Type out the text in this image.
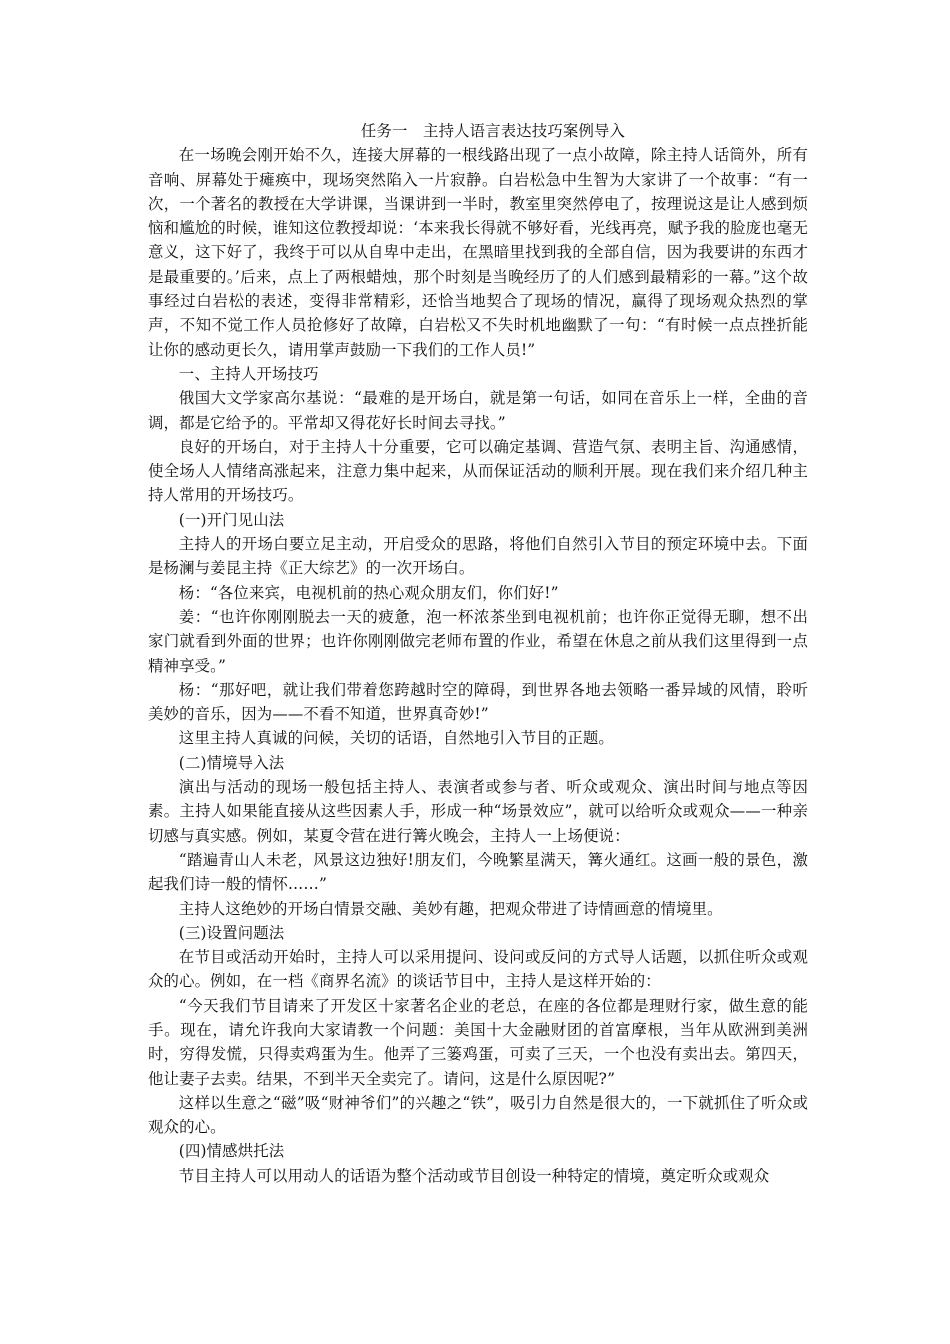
任务一　主持人语言表达技巧案例导入

在一场晚会刚开始不久，连接大屏幕的一根线路出现了一点小故障，除主持人话筒外，所有音响、屏幕处于瘫痪中，现场突然陷入一片寂静。白岩松急中生智为大家讲了一个故事：“有一次，一个著名的教授在大学讲课，当课讲到一半时，教室里突然停电了，按理说这是让人感到烦恼和尴尬的时候，谁知这位教授却说：‘本来我长得就不够好看，光线再亮，赋予我的脸庞也毫无意义，这下好了，我终于可以从自卑中走出，在黑暗里找到我的全部自信，因为我要讲的东西才是最重要的。’后来，点上了两根蜡烛，那个时刻是当晚经历了的人们感到最精彩的一幕。”这个故事经过白岩松的表述，变得非常精彩，还恰当地契合了现场的情况，赢得了现场观众热烈的掌声，不知不觉工作人员抢修好了故障，白岩松又不失时机地幽默了一句：“有时候一点点挫折能让你的感动更长久，请用掌声鼓励一下我们的工作人员!”

一、主持人开场技巧

俄国大文学家高尔基说：“最难的是开场白，就是第一句话，如同在音乐上一样，全曲的音调，都是它给予的。平常却又得花好长时间去寻找。”

良好的开场白，对于主持人十分重要，它可以确定基调、营造气氛、表明主旨、沟通感情，使全场人人情绪高涨起来，注意力集中起来，从而保证活动的顺利开展。现在我们来介绍几种主持人常用的开场技巧。

(一)开门见山法

主持人的开场白要立足主动，开启受众的思路，将他们自然引入节目的预定环境中去。下面是杨澜与姜昆主持《正大综艺》的一次开场白。

杨：“各位来宾，电视机前的热心观众朋友们，你们好!”

姜：“也许你刚刚脱去一天的疲惫，泡一杯浓茶坐到电视机前；也许你正觉得无聊，想不出家门就看到外面的世界；也许你刚刚做完老师布置的作业，希望在休息之前从我们这里得到一点精神享受。”

杨：“那好吧，就让我们带着您跨越时空的障碍，到世界各地去领略一番异域的风情，聆听美妙的音乐，因为——不看不知道，世界真奇妙!”

这里主持人真诚的问候，关切的话语，自然地引入节目的正题。

(二)情境导入法

演出与活动的现场一般包括主持人、表演者或参与者、听众或观众、演出时间与地点等因素。主持人如果能直接从这些因素人手，形成一种“场景效应”，就可以给听众或观众——一种亲切感与真实感。例如，某夏令营在进行篝火晚会，主持人一上场便说：

“踏遍青山人未老，风景这边独好!朋友们，今晚繁星满天，篝火通红。这画一般的景色，激起我们诗一般的情怀……”

主持人这绝妙的开场白情景交融、美妙有趣，把观众带进了诗情画意的情境里。

(三)设置问题法

在节目或活动开始时，主持人可以采用提问、设问或反问的方式导人话题，以抓住听众或观众的心。例如，在一档《商界名流》的谈话节目中，主持人是这样开始的：

“今天我们节目请来了开发区十家著名企业的老总，在座的各位都是理财行家，做生意的能手。现在，请允许我向大家请教一个问题：美国十大金融财团的首富摩根，当年从欧洲到美洲时，穷得发慌，只得卖鸡蛋为生。他弄了三篓鸡蛋，可卖了三天，一个也没有卖出去。第四天，他让妻子去卖。结果，不到半天全卖完了。请问，这是什么原因呢?”

这样以生意之“磁”吸“财神爷们”的兴趣之“铁”，吸引力自然是很大的，一下就抓住了听众或观众的心。

(四)情感烘托法

节目主持人可以用动人的话语为整个活动或节目创设一种特定的情境，奠定听众或观众
